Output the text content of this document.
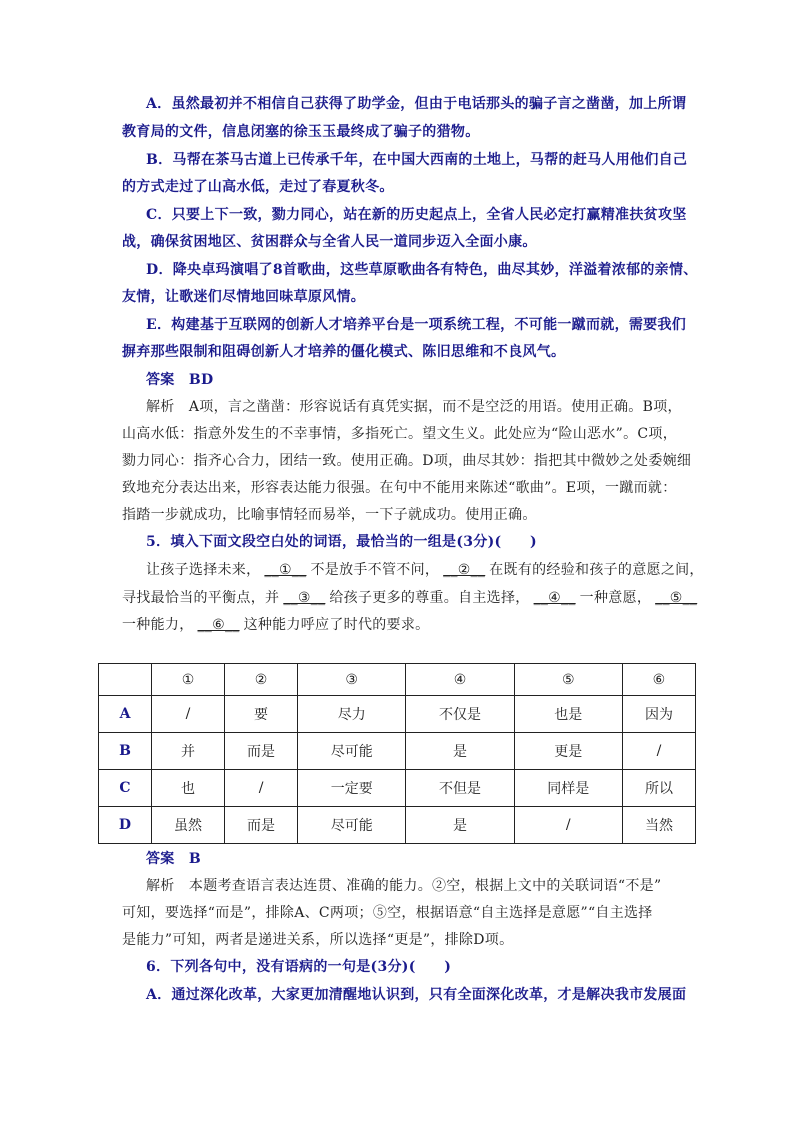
A．虽然最初并不相信自己获得了助学金，但由于电话那头的骗子言之凿凿，加上所谓
教育局的文件，信息闭塞的徐玉玉最终成了骗子的猎物。
B．马帮在茶马古道上已传承千年，在中国大西南的土地上，马帮的赶马人用他们自己
的方式走过了山高水低，走过了春夏秋冬。
C．只要上下一致，勠力同心，站在新的历史起点上，全省人民必定打赢精准扶贫攻坚
战，确保贫困地区、贫困群众与全省人民一道同步迈入全面小康。
D．降央卓玛演唱了8首歌曲，这些草原歌曲各有特色，曲尽其妙，洋溢着浓郁的亲情、
友情，让歌迷们尽情地回味草原风情。
E．构建基于互联网的创新人才培养平台是一项系统工程，不可能一蹴而就，需要我们
摒弃那些限制和阻碍创新人才培养的僵化模式、陈旧思维和不良风气。
答案　BD
解析　A项，言之凿凿：形容说话有真凭实据，而不是空泛的用语。使用正确。B项，
山高水低：指意外发生的不幸事情，多指死亡。望文生义。此处应为“险山恶水”。C项，
勠力同心：指齐心合力，团结一致。使用正确。D项，曲尽其妙：指把其中微妙之处委婉细
致地充分表达出来，形容表达能力很强。在句中不能用来陈述“歌曲”。E项，一蹴而就：
指踏一步就成功，比喻事情轻而易举，一下子就成功。使用正确。
5．填入下面文段空白处的词语，最恰当的一组是(3分)(　　)
让孩子选择未来， __①__ 不是放手不管不问， __②__ 在既有的经验和孩子的意愿之间，
寻找最恰当的平衡点，并 __③__ 给孩子更多的尊重。自主选择， __④__ 一种意愿， __⑤__
一种能力， __⑥__ 这种能力呼应了时代的要求。
	①	②	③	④	⑤	⑥
A	/	要	尽力	不仅是	也是	因为
B	并	而是	尽可能	是	更是	/
C	也	/	一定要	不但是	同样是	所以
D	虽然	而是	尽可能	是	/	当然
答案　B
解析　本题考查语言表达连贯、准确的能力。②空，根据上文中的关联词语“不是”
可知，要选择“而是”，排除A、C两项；⑤空，根据语意“自主选择是意愿”“自主选择
是能力”可知，两者是递进关系，所以选择“更是”，排除D项。
6．下列各句中，没有语病的一句是(3分)(　　)
A．通过深化改革，大家更加清醒地认识到，只有全面深化改革，才是解决我市发展面
